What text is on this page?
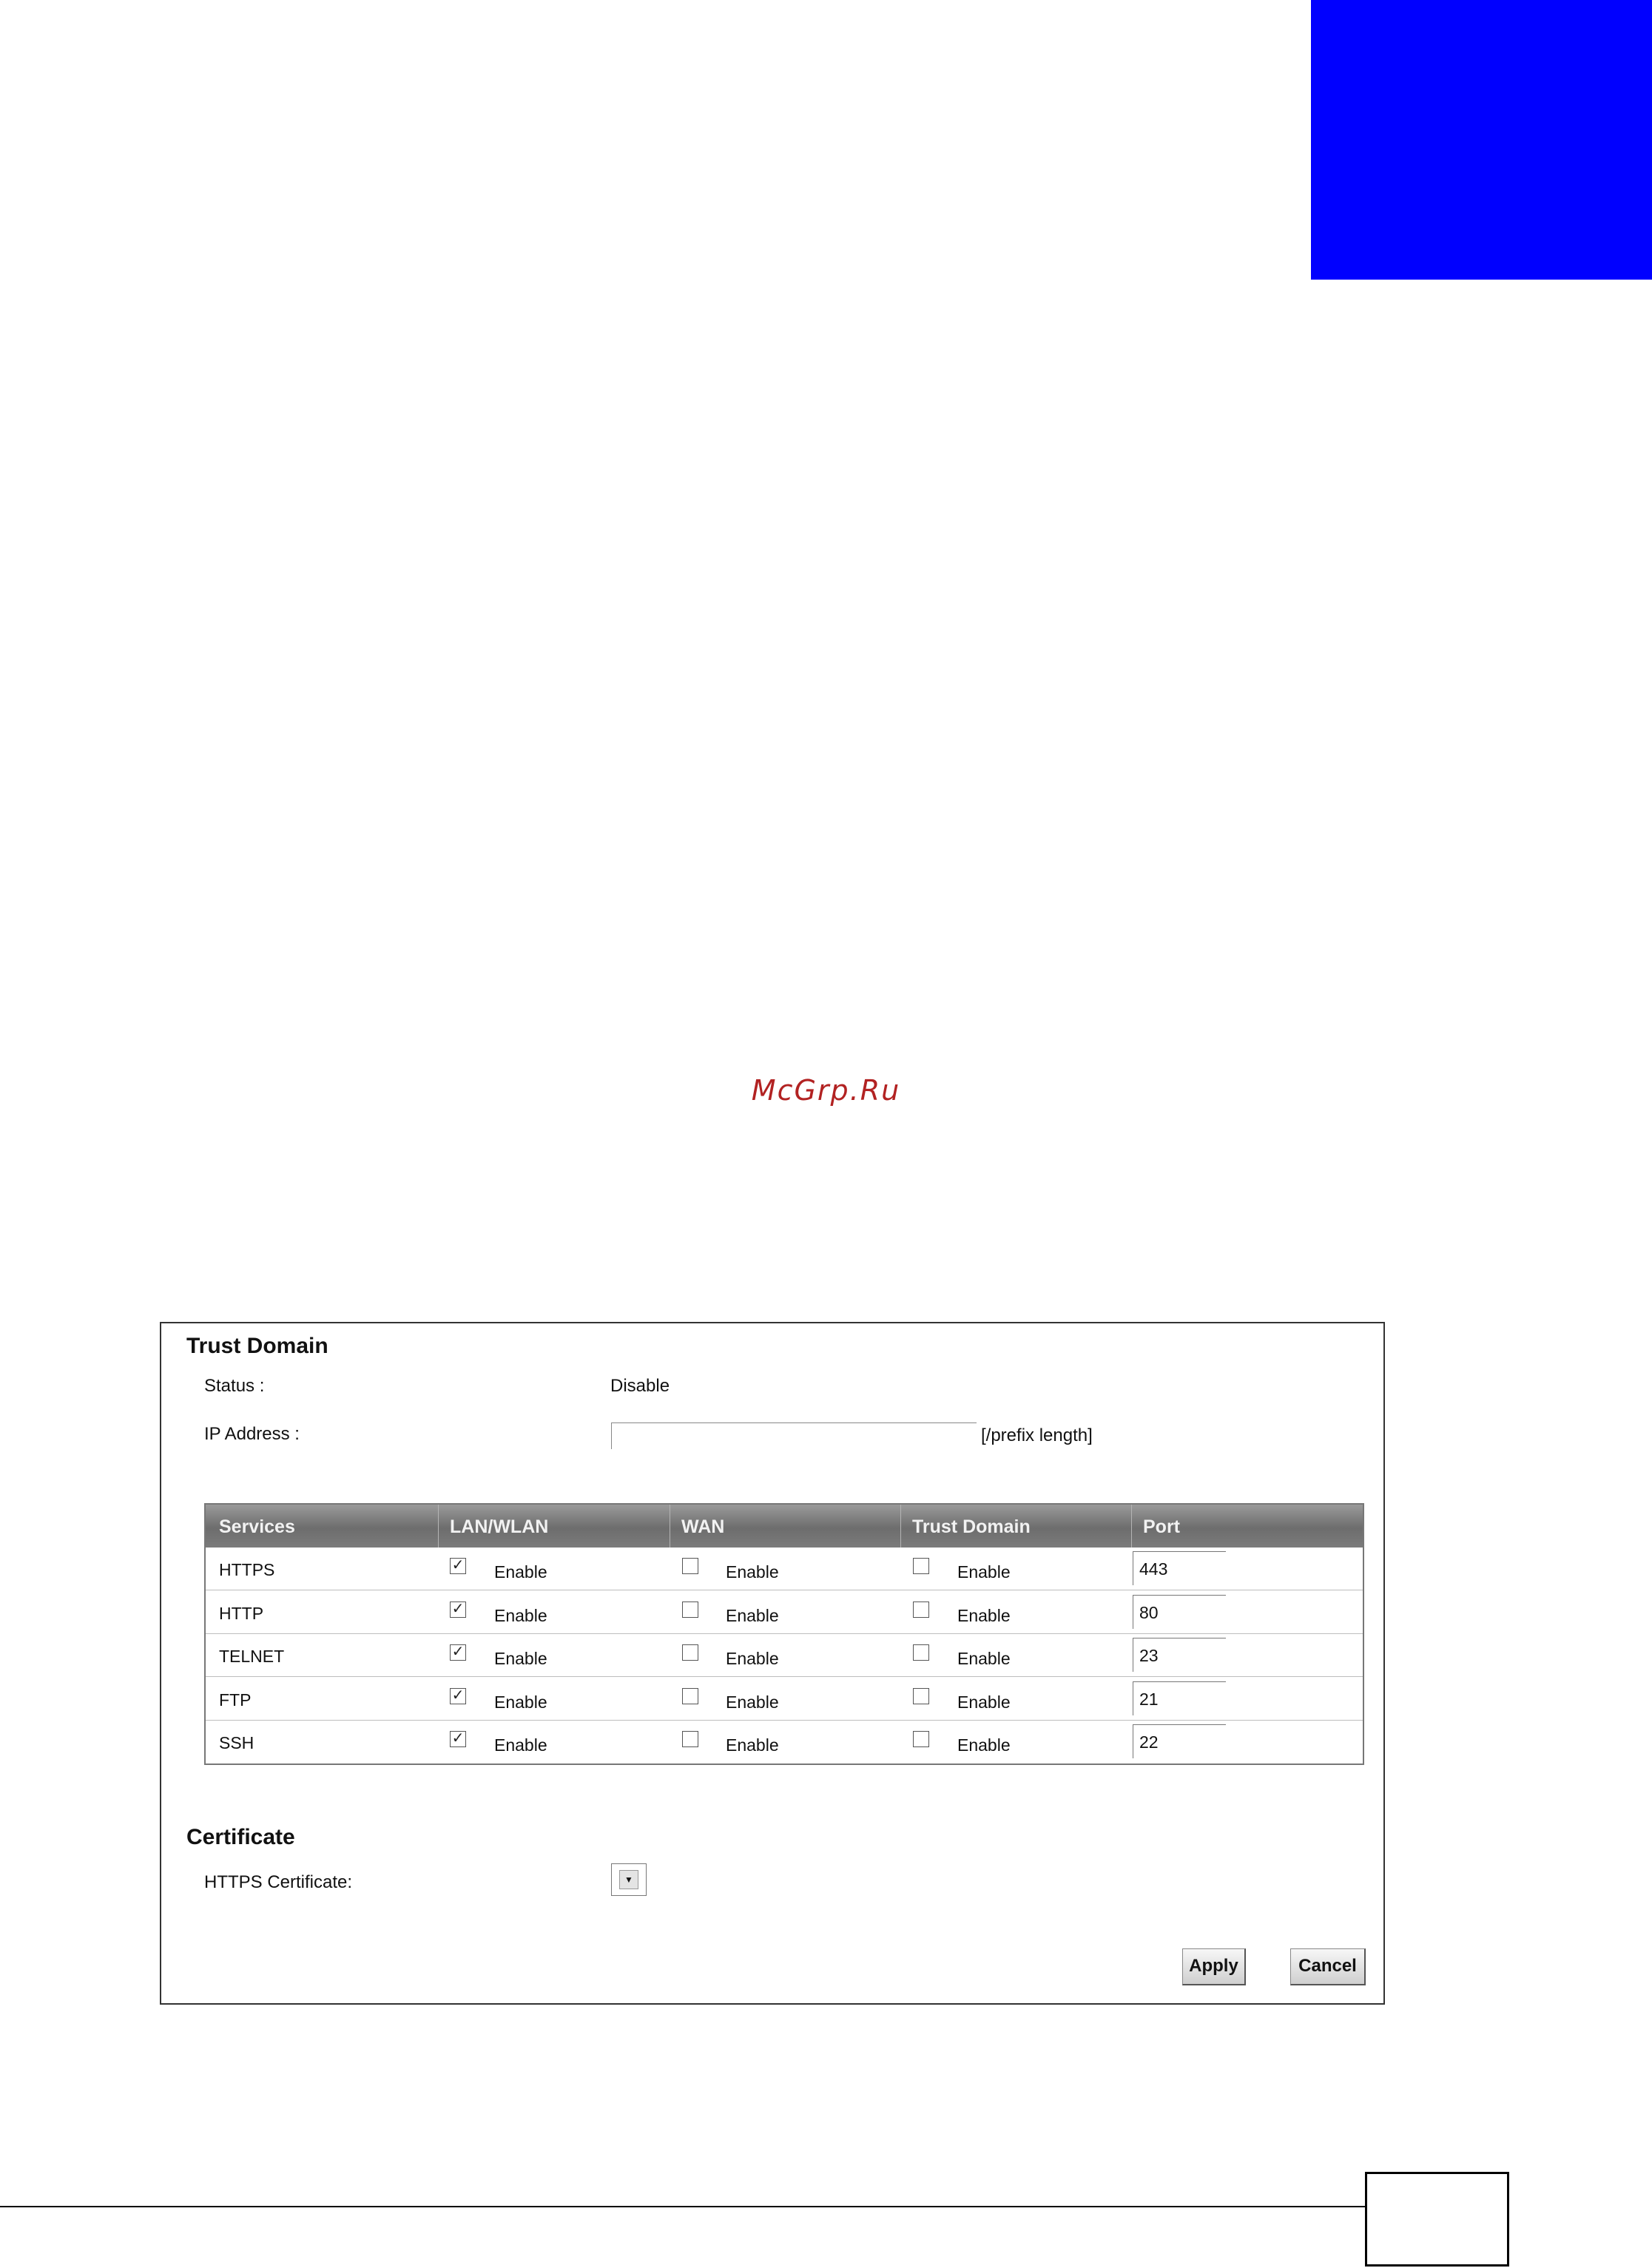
McGrp.Ru
Trust Domain
Status :	Disable
IP Address :	[/prefix length]
Services	LAN/WLAN	WAN	Trust Domain	Port
HTTPS	✓ Enable	Enable	Enable	443
HTTP	✓ Enable	Enable	Enable	80
TELNET	✓ Enable	Enable	Enable	23
FTP	✓ Enable	Enable	Enable	21
SSH	✓ Enable	Enable	Enable	22
Certificate
HTTPS Certificate:	▼
Apply	Cancel
